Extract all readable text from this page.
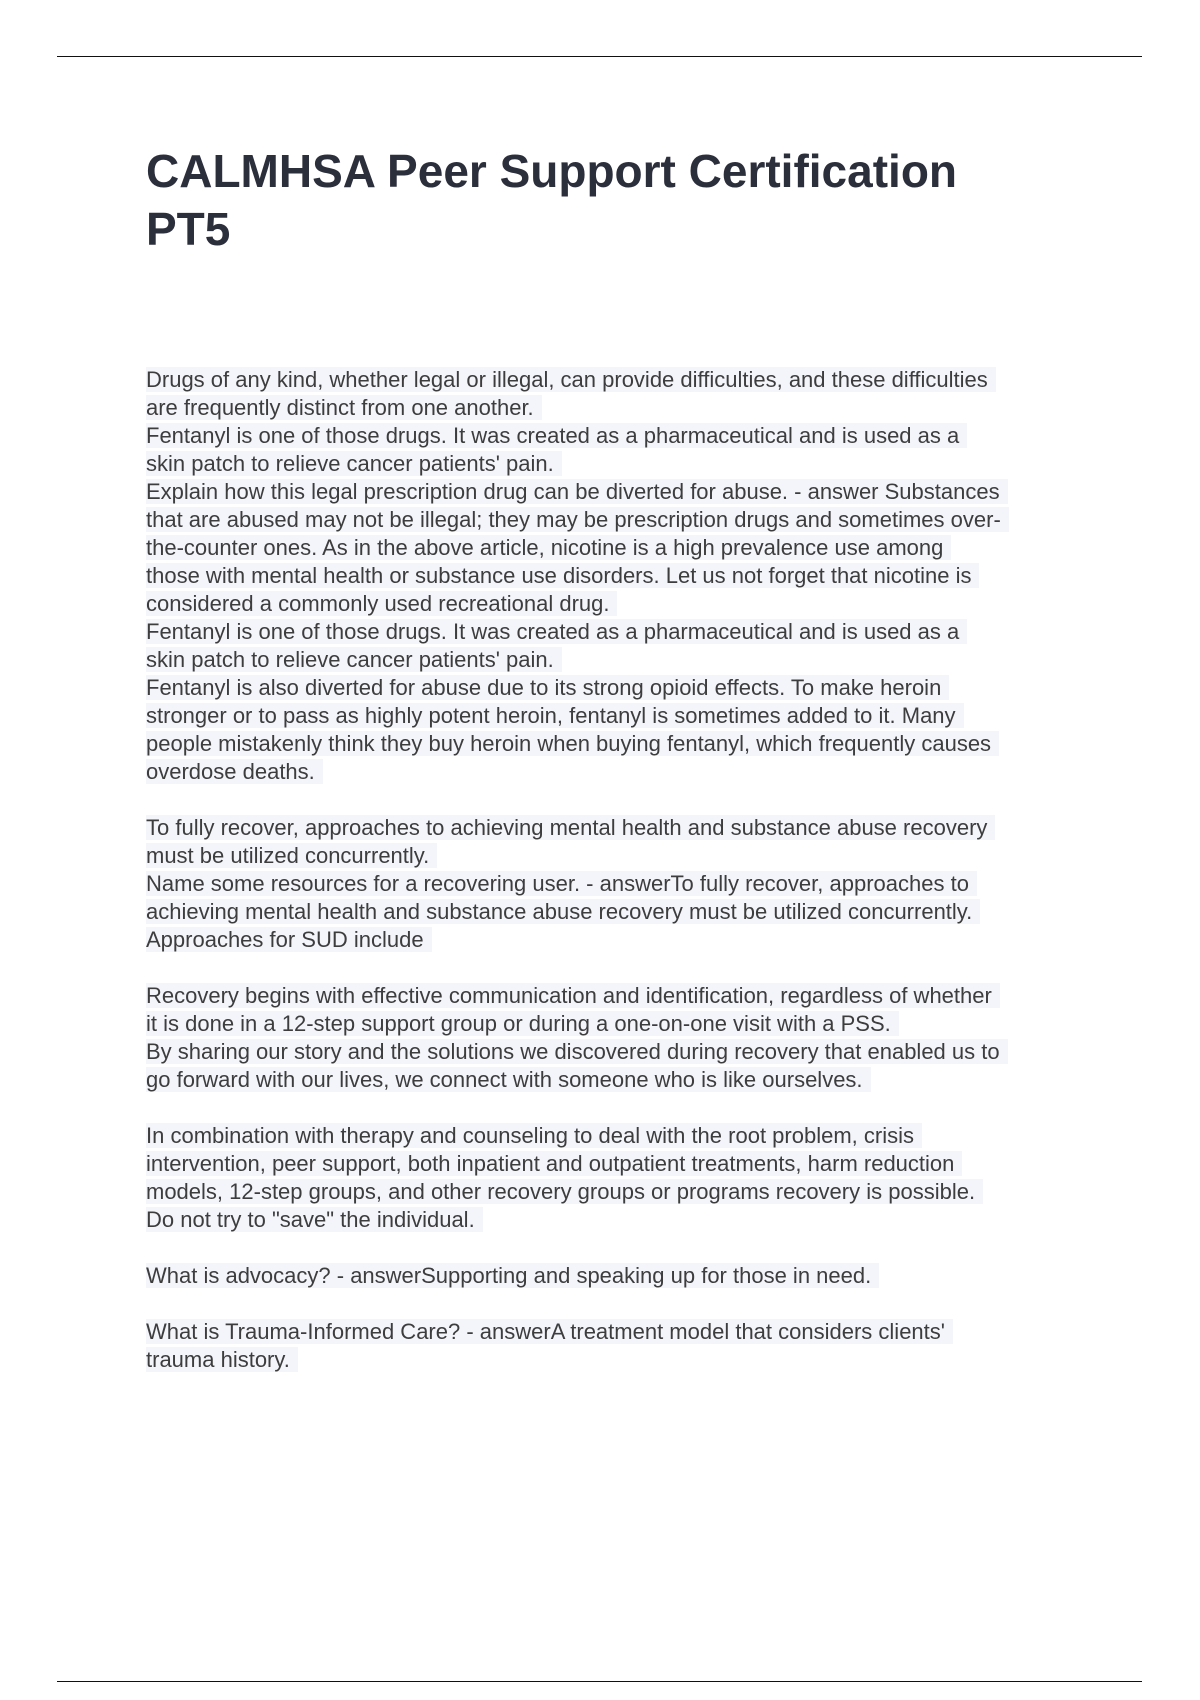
CALMHSA Peer Support Certification
PT5
Drugs of any kind, whether legal or illegal, can provide difficulties, and these difficulties
are frequently distinct from one another.
Fentanyl is one of those drugs. It was created as a pharmaceutical and is used as a
skin patch to relieve cancer patients' pain.
Explain how this legal prescription drug can be diverted for abuse. - answer Substances
that are abused may not be illegal; they may be prescription drugs and sometimes over-
the-counter ones. As in the above article, nicotine is a high prevalence use among
those with mental health or substance use disorders. Let us not forget that nicotine is
considered a commonly used recreational drug.
Fentanyl is one of those drugs. It was created as a pharmaceutical and is used as a
skin patch to relieve cancer patients' pain.
Fentanyl is also diverted for abuse due to its strong opioid effects. To make heroin
stronger or to pass as highly potent heroin, fentanyl is sometimes added to it. Many
people mistakenly think they buy heroin when buying fentanyl, which frequently causes
overdose deaths.
To fully recover, approaches to achieving mental health and substance abuse recovery
must be utilized concurrently.
Name some resources for a recovering user. - answerTo fully recover, approaches to
achieving mental health and substance abuse recovery must be utilized concurrently.
Approaches for SUD include
Recovery begins with effective communication and identification, regardless of whether
it is done in a 12-step support group or during a one-on-one visit with a PSS.
By sharing our story and the solutions we discovered during recovery that enabled us to
go forward with our lives, we connect with someone who is like ourselves.
In combination with therapy and counseling to deal with the root problem, crisis
intervention, peer support, both inpatient and outpatient treatments, harm reduction
models, 12-step groups, and other recovery groups or programs recovery is possible.
Do not try to "save" the individual.
What is advocacy? - answerSupporting and speaking up for those in need.
What is Trauma-Informed Care? - answerA treatment model that considers clients'
trauma history.
